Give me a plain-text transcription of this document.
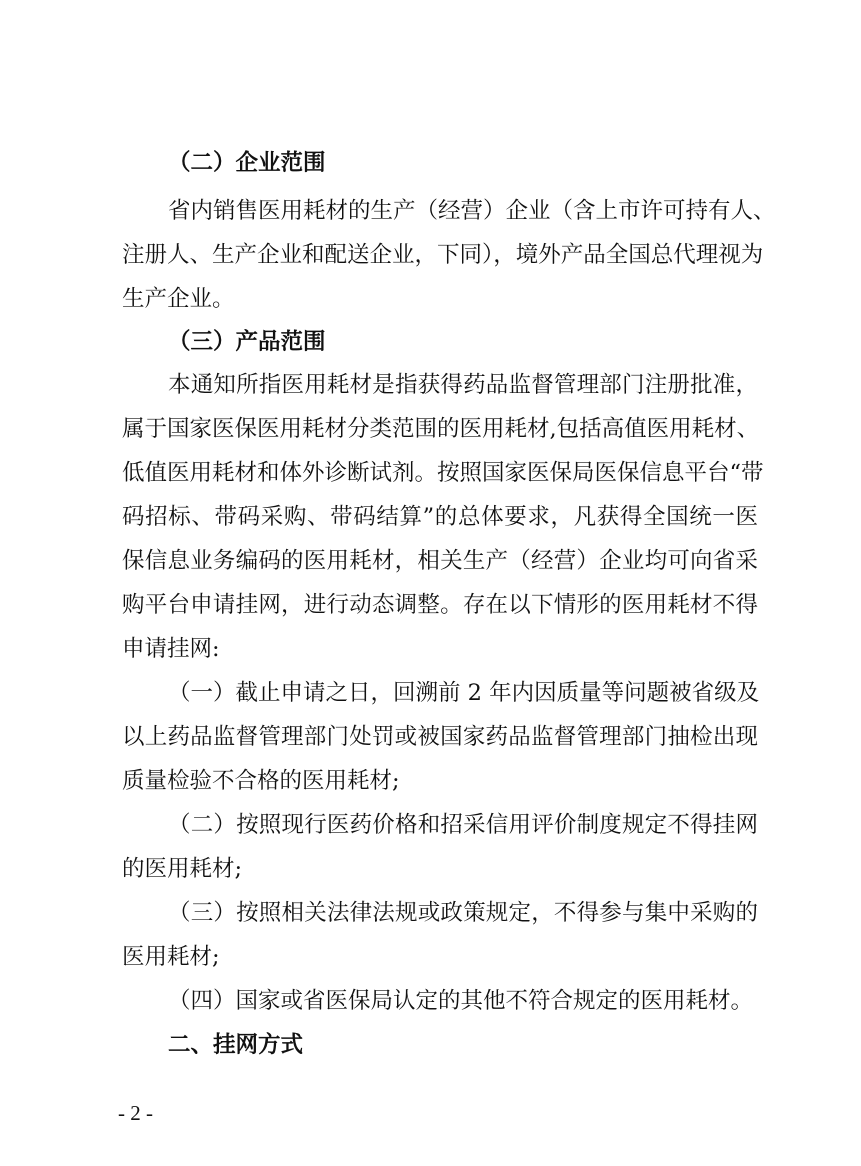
（二）企业范围
省内销售医用耗材的生产（经营）企业（含上市许可持有人、
注册人、生产企业和配送企业，下同），境外产品全国总代理视为
生产企业。
（三）产品范围
本通知所指医用耗材是指获得药品监督管理部门注册批准，
属于国家医保医用耗材分类范围的医用耗材,包括高值医用耗材、
低值医用耗材和体外诊断试剂。按照国家医保局医保信息平台“带
码招标、带码采购、带码结算”的总体要求，凡获得全国统一医
保信息业务编码的医用耗材，相关生产（经营）企业均可向省采
购平台申请挂网，进行动态调整。存在以下情形的医用耗材不得
申请挂网:
（一）截止申请之日，回溯前 2 年内因质量等问题被省级及
以上药品监督管理部门处罚或被国家药品监督管理部门抽检出现
质量检验不合格的医用耗材;
（二）按照现行医药价格和招采信用评价制度规定不得挂网
的医用耗材;
（三）按照相关法律法规或政策规定，不得参与集中采购的
医用耗材;
（四）国家或省医保局认定的其他不符合规定的医用耗材。
二、挂网方式
- 2 -
